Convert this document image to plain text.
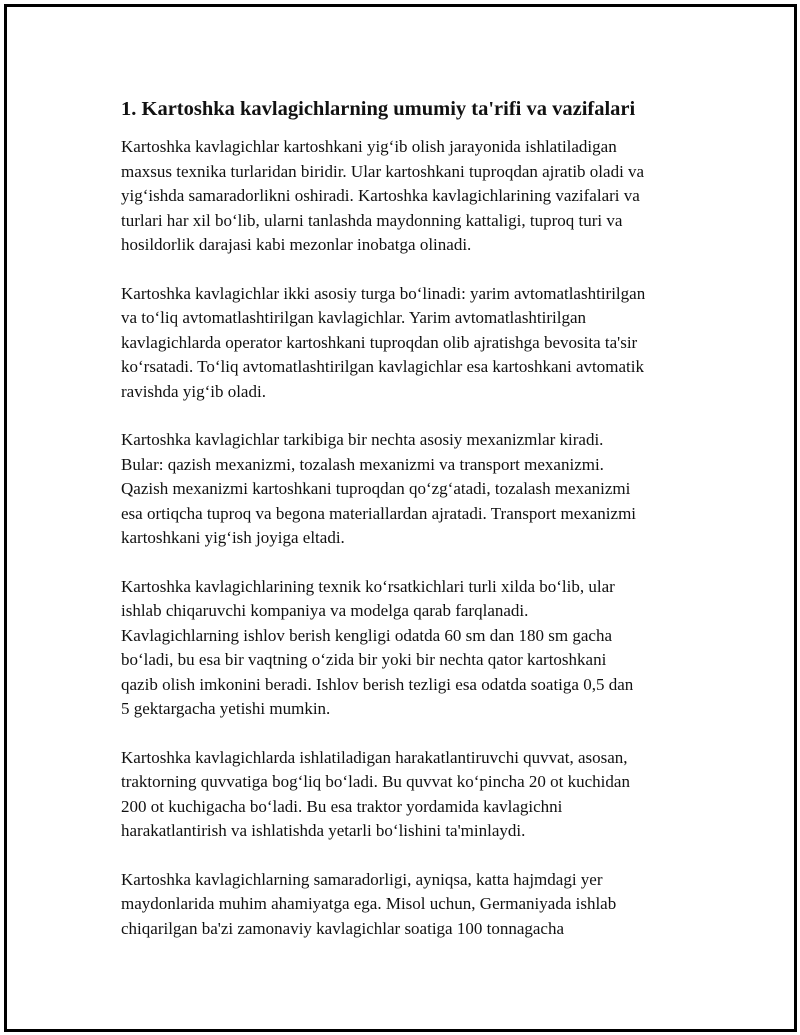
1. Kartoshka kavlagichlarning umumiy ta'rifi va vazifalari

Kartoshka kavlagichlar kartoshkani yig‘ib olish jarayonida ishlatiladigan
maxsus texnika turlaridan biridir. Ular kartoshkani tuproqdan ajratib oladi va
yig‘ishda samaradorlikni oshiradi. Kartoshka kavlagichlarining vazifalari va
turlari har xil bo‘lib, ularni tanlashda maydonning kattaligi, tuproq turi va
hosildorlik darajasi kabi mezonlar inobatga olinadi.

Kartoshka kavlagichlar ikki asosiy turga bo‘linadi: yarim avtomatlashtirilgan
va to‘liq avtomatlashtirilgan kavlagichlar. Yarim avtomatlashtirilgan
kavlagichlarda operator kartoshkani tuproqdan olib ajratishga bevosita ta'sir
ko‘rsatadi. To‘liq avtomatlashtirilgan kavlagichlar esa kartoshkani avtomatik
ravishda yig‘ib oladi.

Kartoshka kavlagichlar tarkibiga bir nechta asosiy mexanizmlar kiradi.
Bular: qazish mexanizmi, tozalash mexanizmi va transport mexanizmi.
Qazish mexanizmi kartoshkani tuproqdan qo‘zg‘atadi, tozalash mexanizmi
esa ortiqcha tuproq va begona materiallardan ajratadi. Transport mexanizmi
kartoshkani yig‘ish joyiga eltadi.

Kartoshka kavlagichlarining texnik ko‘rsatkichlari turli xilda bo‘lib, ular
ishlab chiqaruvchi kompaniya va modelga qarab farqlanadi.
Kavlagichlarning ishlov berish kengligi odatda 60 sm dan 180 sm gacha
bo‘ladi, bu esa bir vaqtning o‘zida bir yoki bir nechta qator kartoshkani
qazib olish imkonini beradi. Ishlov berish tezligi esa odatda soatiga 0,5 dan
5 gektargacha yetishi mumkin.

Kartoshka kavlagichlarda ishlatiladigan harakatlantiruvchi quvvat, asosan,
traktorning quvvatiga bog‘liq bo‘ladi. Bu quvvat ko‘pincha 20 ot kuchidan
200 ot kuchigacha bo‘ladi. Bu esa traktor yordamida kavlagichni
harakatlantirish va ishlatishda yetarli bo‘lishini ta'minlaydi.

Kartoshka kavlagichlarning samaradorligi, ayniqsa, katta hajmdagi yer
maydonlarida muhim ahamiyatga ega. Misol uchun, Germaniyada ishlab
chiqarilgan ba'zi zamonaviy kavlagichlar soatiga 100 tonnagacha
